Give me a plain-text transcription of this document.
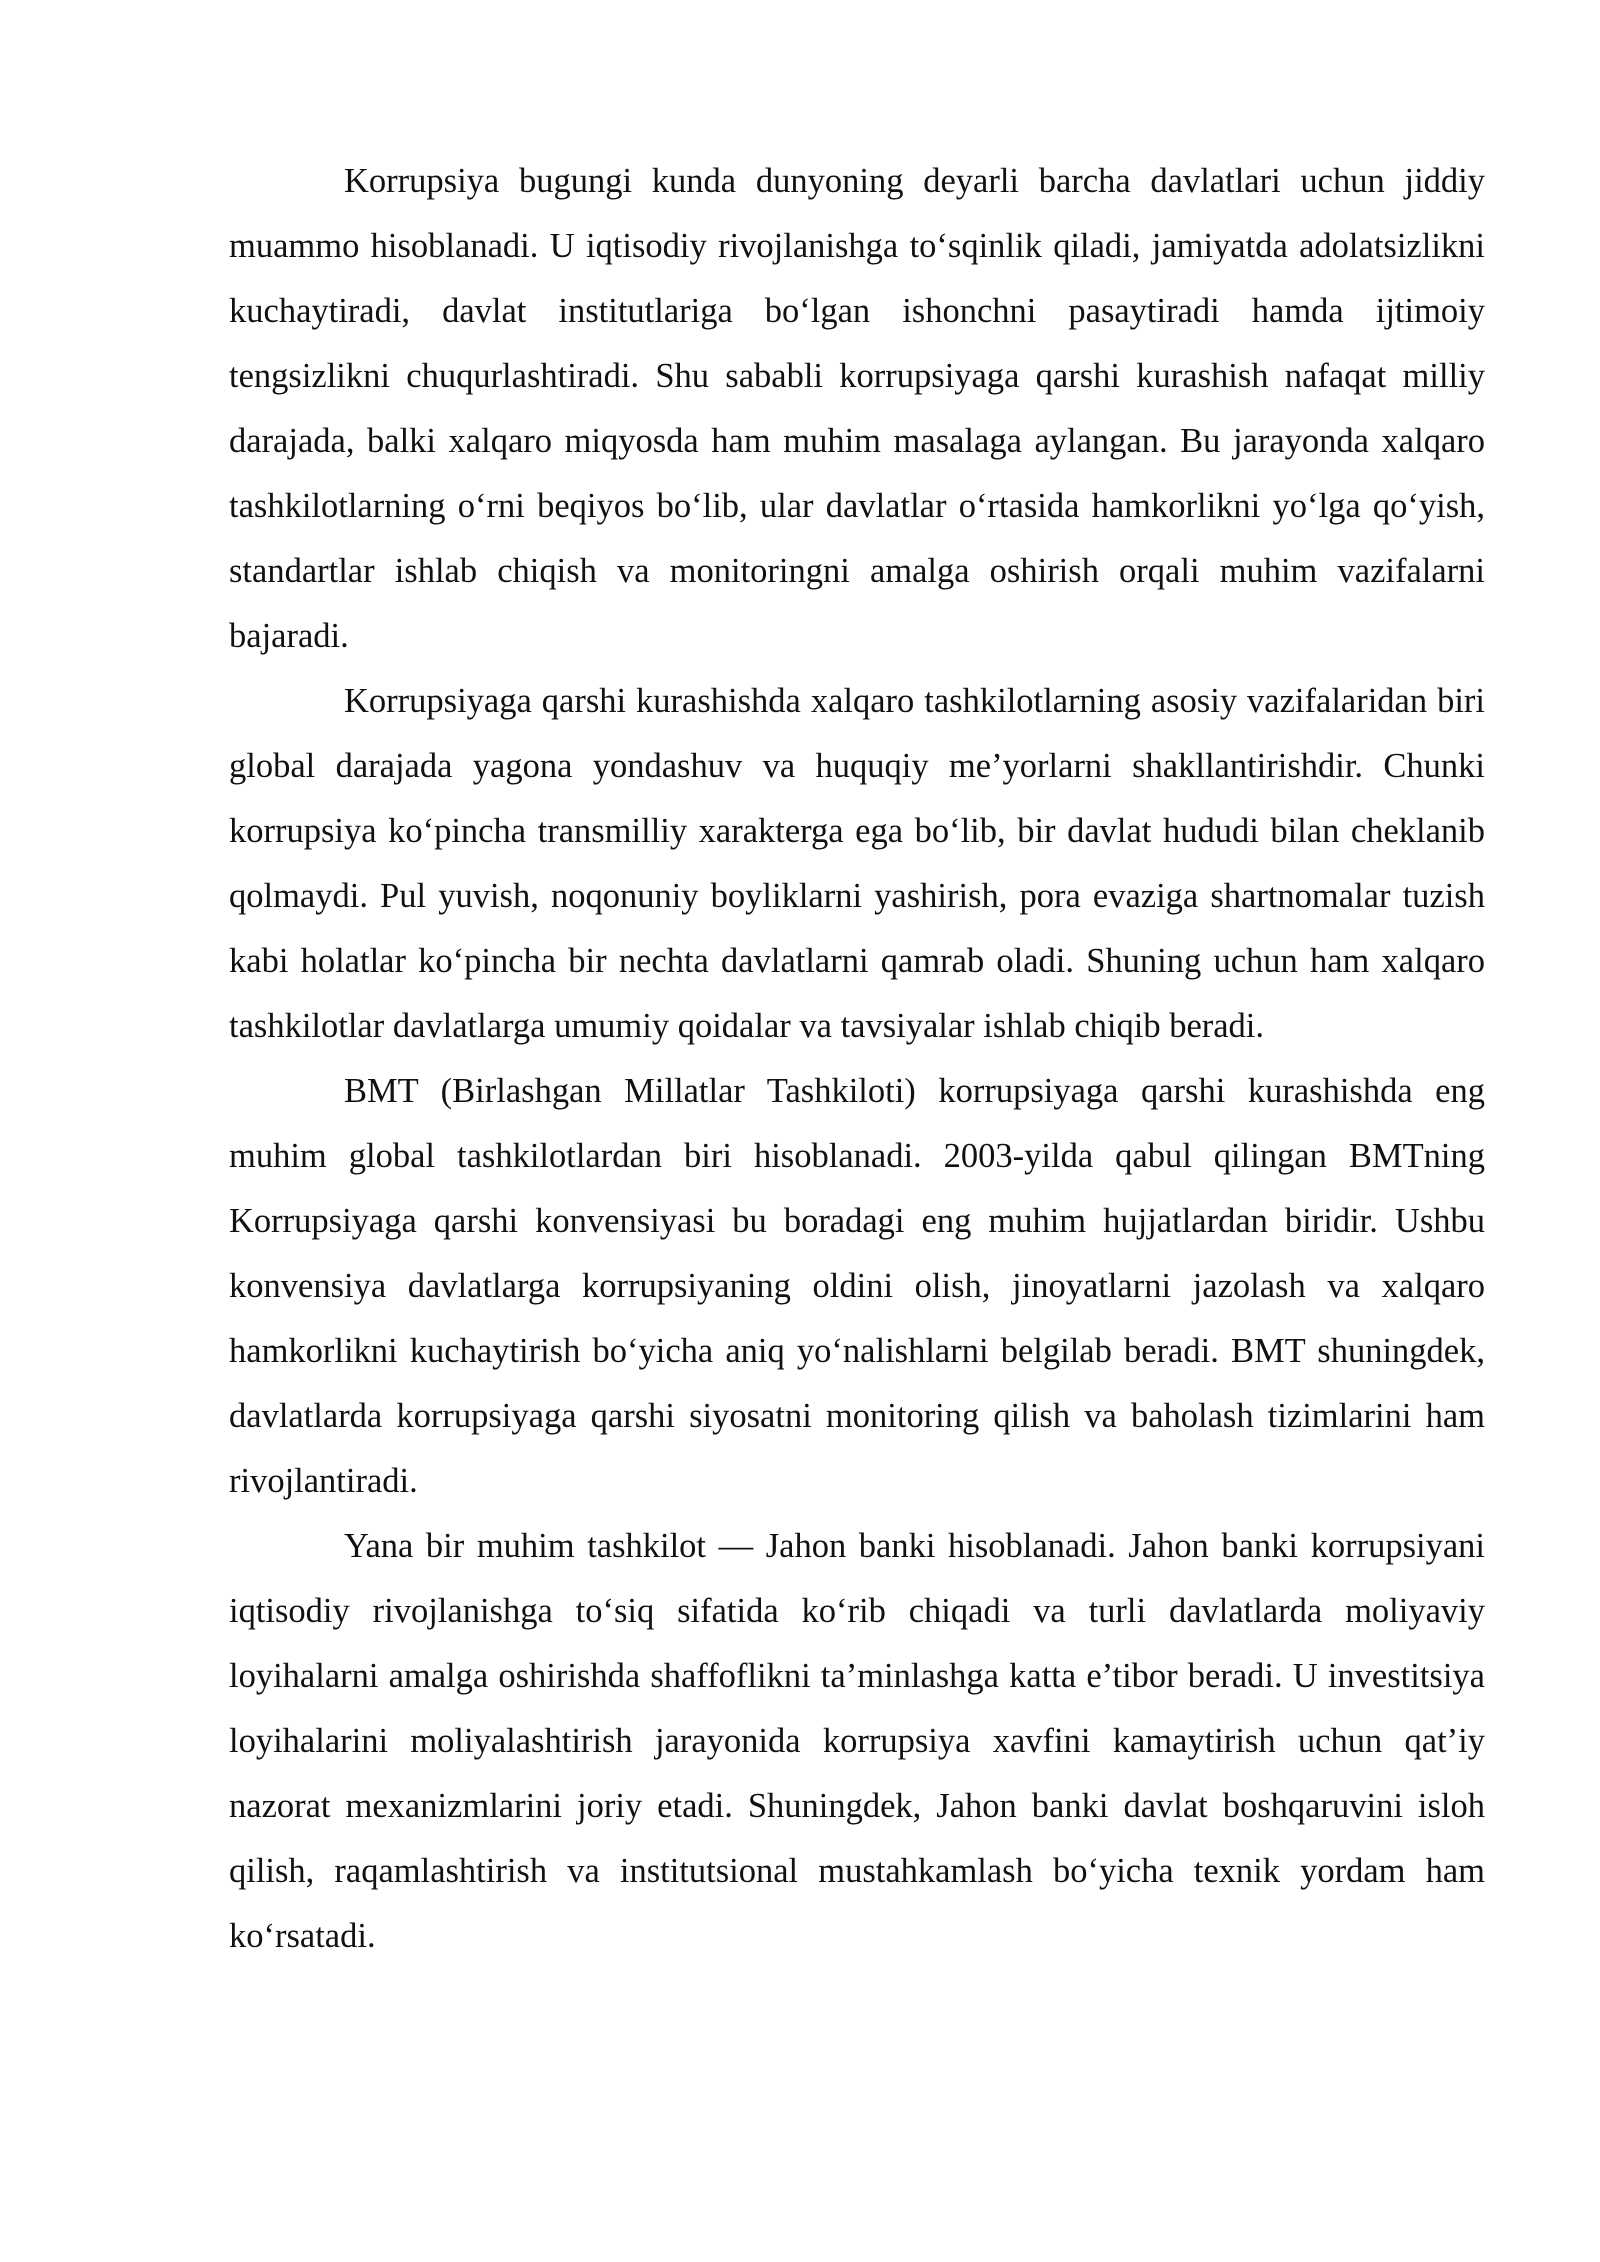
Korrupsiya bugungi kunda dunyoning deyarli barcha davlatlari uchun jiddiy muammo hisoblanadi. U iqtisodiy rivojlanishga to‘sqinlik qiladi, jamiyatda adolatsizlikni kuchaytiradi, davlat institutlariga bo‘lgan ishonchni pasaytiradi hamda ijtimoiy tengsizlikni chuqurlashtiradi. Shu sababli korrupsiyaga qarshi kurashish nafaqat milliy darajada, balki xalqaro miqyosda ham muhim masalaga aylangan. Bu jarayonda xalqaro tashkilotlarning o‘rni beqiyos bo‘lib, ular davlatlar o‘rtasida hamkorlikni yo‘lga qo‘yish, standartlar ishlab chiqish va monitoringni amalga oshirish orqali muhim vazifalarni bajaradi.

Korrupsiyaga qarshi kurashishda xalqaro tashkilotlarning asosiy vazifalaridan biri global darajada yagona yondashuv va huquqiy me’yorlarni shakllantirishdir. Chunki korrupsiya ko‘pincha transmilliy xarakterga ega bo‘lib, bir davlat hududi bilan cheklanib qolmaydi. Pul yuvish, noqonuniy boyliklarni yashirish, pora evaziga shartnomalar tuzish kabi holatlar ko‘pincha bir nechta davlatlarni qamrab oladi. Shuning uchun ham xalqaro tashkilotlar davlatlarga umumiy qoidalar va tavsiyalar ishlab chiqib beradi.

BMT (Birlashgan Millatlar Tashkiloti) korrupsiyaga qarshi kurashishda eng muhim global tashkilotlardan biri hisoblanadi. 2003-yilda qabul qilingan BMTning Korrupsiyaga qarshi konvensiyasi bu boradagi eng muhim hujjatlardan biridir. Ushbu konvensiya davlatlarga korrupsiyaning oldini olish, jinoyatlarni jazolash va xalqaro hamkorlikni kuchaytirish bo‘yicha aniq yo‘nalishlarni belgilab beradi. BMT shuningdek, davlatlarda korrupsiyaga qarshi siyosatni monitoring qilish va baholash tizimlarini ham rivojlantiradi.

Yana bir muhim tashkilot — Jahon banki hisoblanadi. Jahon banki korrupsiyani iqtisodiy rivojlanishga to‘siq sifatida ko‘rib chiqadi va turli davlatlarda moliyaviy loyihalarni amalga oshirishda shaffoflikni ta’minlashga katta e’tibor beradi. U investitsiya loyihalarini moliyalashtirish jarayonida korrupsiya xavfini kamaytirish uchun qat’iy nazorat mexanizmlarini joriy etadi. Shuningdek, Jahon banki davlat boshqaruvini isloh qilish, raqamlashtirish va institutsional mustahkamlash bo‘yicha texnik yordam ham ko‘rsatadi.
